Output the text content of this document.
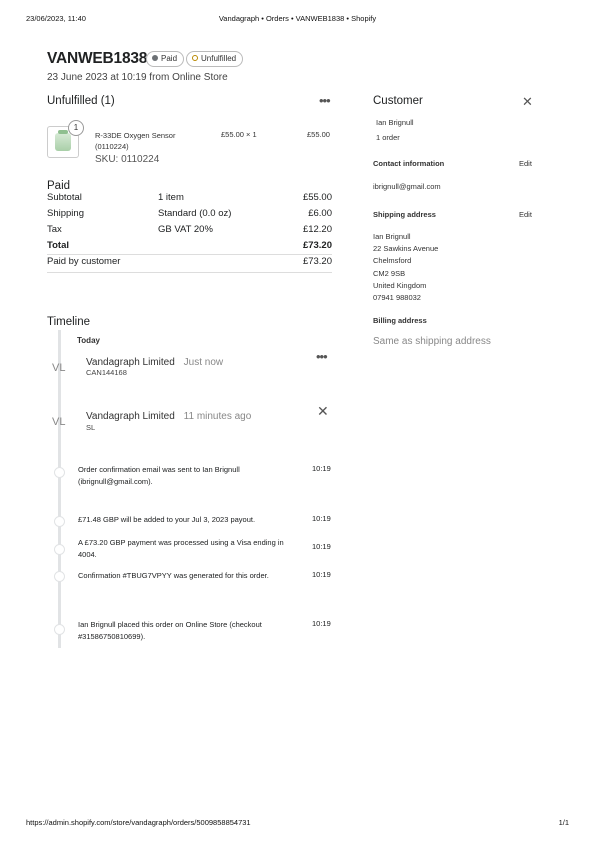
23/06/2023, 11:40	Vandagraph • Orders • VANWEB1838 • Shopify
https://admin.shopify.com/store/vandagraph/orders/5009858854731	1/1
VANWEB1838	Paid	Unfulfilled
23 June 2023 at 10:19 from Online Store
Unfulfilled (1)	•••
1
R-33DE Oxygen Sensor (0110224)
SKU: 0110224
£55.00 × 1	£55.00
Paid
Subtotal	1 item	£55.00
Shipping	Standard (0.0 oz)	£6.00
Tax	GB VAT 20%	£12.20
Total	£73.20
Paid by customer	£73.20
Timeline
Today
VL Vandagraph Limited Just now
CAN144168
•••
VL Vandagraph Limited 11 minutes ago
SL
✕
Order confirmation email was sent to Ian Brignull (ibrignull@gmail.com).
10:19
£71.48 GBP will be added to your Jul 3, 2023 payout.	10:19
A £73.20 GBP payment was processed using a Visa ending in 4004.
10:19
Confirmation #TBUG7VPYY was generated for this order.	10:19
Ian Brignull placed this order on Online Store (checkout #31586750810699).
10:19
Customer	✕
Ian Brignull
1 order
Contact information	Edit
ibrignull@gmail.com
Shipping address	Edit
Ian Brignull
22 Sawkins Avenue
Chelmsford
CM2 9SB
United Kingdom
07941 988032
Billing address
Same as shipping address
